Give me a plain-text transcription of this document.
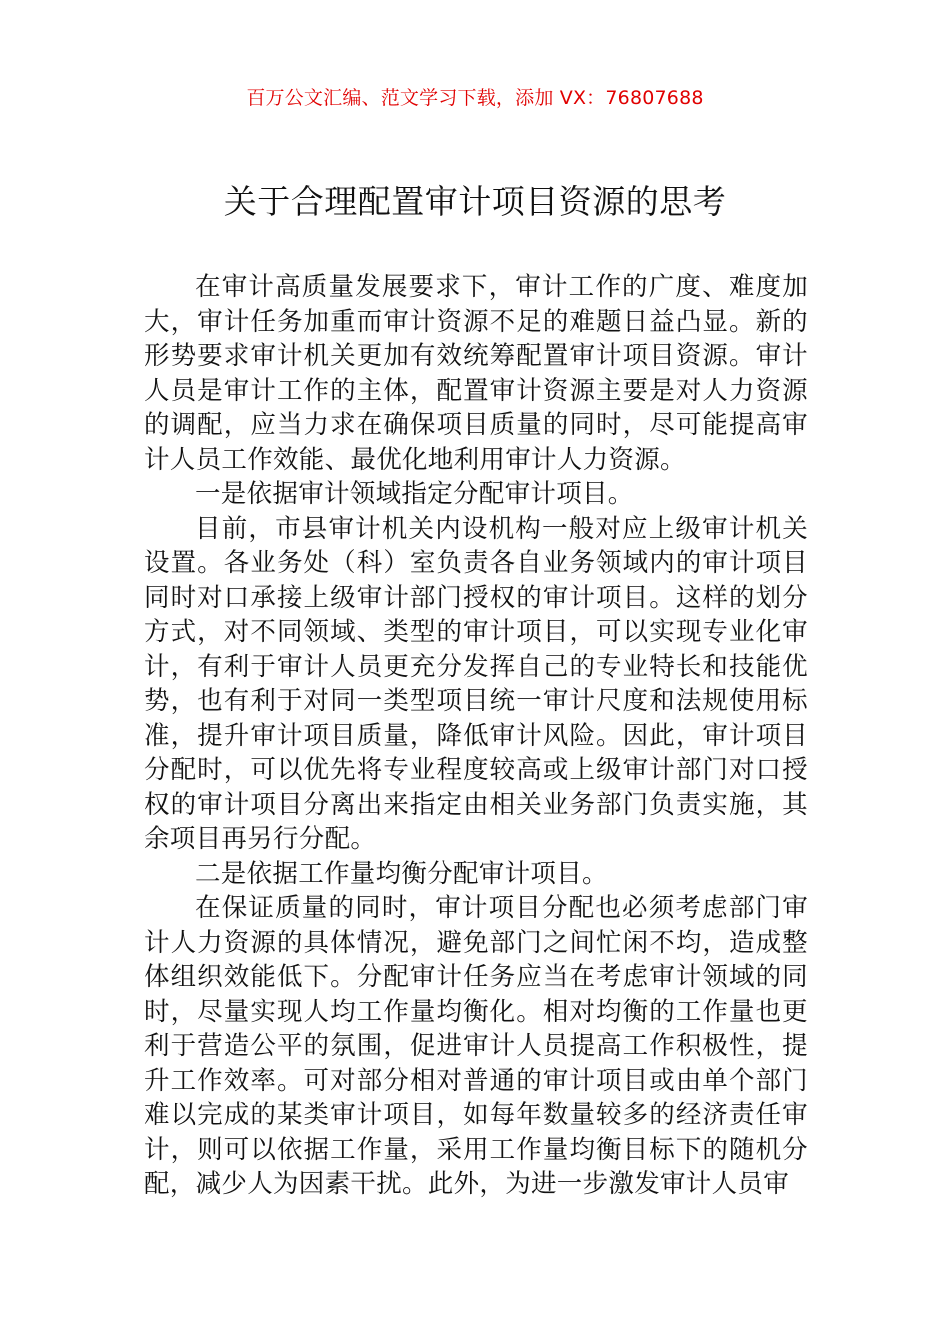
百万公文汇编、范文学习下载，添加 VX：76807688
关于合理配置审计项目资源的思考

在审计高质量发展要求下，审计工作的广度、难度加大，审计任务加重而审计资源不足的难题日益凸显。新的形势要求审计机关更加有效统筹配置审计项目资源。审计人员是审计工作的主体，配置审计资源主要是对人力资源的调配，应当力求在确保项目质量的同时，尽可能提高审计人员工作效能、最优化地利用审计人力资源。

一是依据审计领域指定分配审计项目。

目前，市县审计机关内设机构一般对应上级审计机关设置。各业务处（科）室负责各自业务领域内的审计项目同时对口承接上级审计部门授权的审计项目。这样的划分方式，对不同领域、类型的审计项目，可以实现专业化审计，有利于审计人员更充分发挥自己的专业特长和技能优势，也有利于对同一类型项目统一审计尺度和法规使用标准，提升审计项目质量，降低审计风险。因此，审计项目分配时，可以优先将专业程度较高或上级审计部门对口授权的审计项目分离出来指定由相关业务部门负责实施，其余项目再另行分配。

二是依据工作量均衡分配审计项目。

在保证质量的同时，审计项目分配也必须考虑部门审计人力资源的具体情况，避免部门之间忙闲不均，造成整体组织效能低下。分配审计任务应当在考虑审计领域的同时，尽量实现人均工作量均衡化。相对均衡的工作量也更利于营造公平的氛围，促进审计人员提高工作积极性，提升工作效率。可对部分相对普通的审计项目或由单个部门难以完成的某类审计项目，如每年数量较多的经济责任审计，则可以依据工作量，采用工作量均衡目标下的随机分配，减少人为因素干扰。此外，为进一步激发审计人员审
